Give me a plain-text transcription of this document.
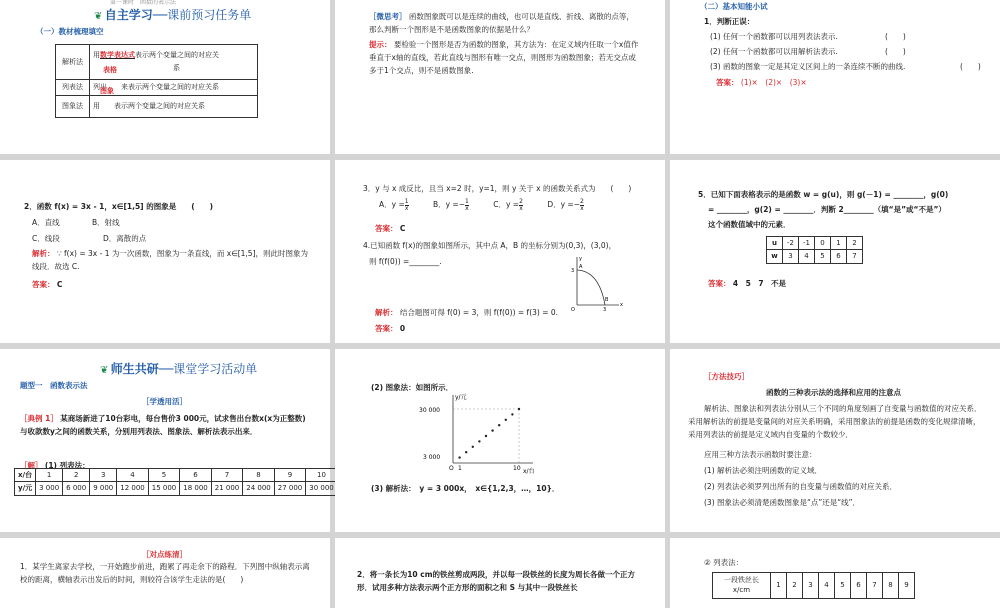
第一课时　函数的表示法
❦ 自主学习──课前预习任务单
（一）教材梳理填空
解析法	用数学表达式表示两个变量之间的对应关
系
列表法	列出表格来表示两个变量之间的对应关系
图象法	用图象表示两个变量之间的对应关系
［微思考］ 函数图象既可以是连续的曲线，也可以是直线、折线、离散的点等，那么判断一个图形是不是函数图象的依据是什么？
提示： 要检验一个图形是否为函数的图象，其方法为：在定义域内任取一个x值作垂直于x轴的直线，若此直线与图形有唯一交点，则图形为函数图象；若无交点或多于1个交点，则不是函数图象.
（二）基本知能小试
1．判断正误：
(1) 任何一个函数都可以用列表法表示.	(　　)
(2) 任何一个函数都可以用解析法表示.	(　　)
(3) 函数的图象一定是其定义区间上的一条连续不断的曲线.	(　　)
答案： (1)×　(2)×　(3)×
2．函数 f(x) = 3x - 1，x∈[1,5] 的图象是　　(　　)
A．直线	B．射线
C．线段	D．离散的点
解析： ∵ f(x) = 3x - 1 为一次函数，图象为一条直线，而 x∈[1,5]，则此时图象为线段．故选 C.
答案： C
3．y 与 x 成反比，且当 x=2 时，y=1，则 y 关于 x 的函数关系式为　　(　　)
A．$y = \frac{1}{x}$	B．$y =- \frac{1}{x}$	C．$y = \frac{2}{x}$	D．$y =- \frac{2}{x}$
答案： C
4.已知函数 f(x)的图象如图所示，其中点 A，B 的坐标分别为(0,3)，(3,0)，
则 f(f(0)) =________.	y
x
O
A
B
3
3
解析： 结合题图可得 f(0) = 3，则 f(f(0)) = f(3) = 0.
答案： 0
5．已知下面表格表示的是函数 w = g(u)，则 g(－1) = ________，g(0)
= ________，g(2) = ________．判断 2________（填“是”或“不是”）
这个函数值域中的元素．
u	-2	-1	0	1	2
w	3	4	5	6	7
答案： 4　5　7　不是
❦ 师生共研──课堂学习活动单
题型一　函数表示法
［学透用活］
［典例 1］ 某商场新进了10台彩电，每台售价3 000元，试求售出台数x(x为正整数)与收款数y之间的函数关系，分别用列表法、图象法、解析法表示出来．
［解］ (1) 列表法：
x/台	1	2	3	4	5	6	7	8	9	10
y/元	3 000	6 000	9 000	12 000	15 000	18 000	21 000	24 000	27 000	30 000
(2) 图象法：如图所示．
y/元
x/台
30 000
3 000
O 1	10
(3) 解析法：　y = 3 000x，　x∈{1,2,3，…，10}．
［方法技巧］
函数的三种表示法的选择和应用的注意点
解析法、图象法和列表法分别从三个不同的角度刻画了自变量与函数值的对应关系．采用解析法的前提是变量间的对应关系明确，采用图象法的前提是函数的变化规律清晰，采用列表法的前提是定义域内自变量的个数较少．
应用三种方法表示函数时要注意：
(1) 解析法必须注明函数的定义域．
(2) 列表法必须罗列出所有的自变量与函数值的对应关系．
(3) 图象法必须清楚函数图象是“点”还是“线”．
［对点练清］
1．某学生离家去学校，一开始跑步前进，跑累了再走余下的路程．下列图中纵轴表示离校的距离，横轴表示出发后的时间，则较符合该学生走法的是(　　)
2．将一条长为10 cm的铁丝剪成两段，并以每一段铁丝的长度为周长各做一个正方形．试用多种方法表示两个正方形的面积之和 S 与其中一段铁丝长
② 列表法：
一段铁丝长
x/cm	1	2	3	4	5	6	7	8	9
